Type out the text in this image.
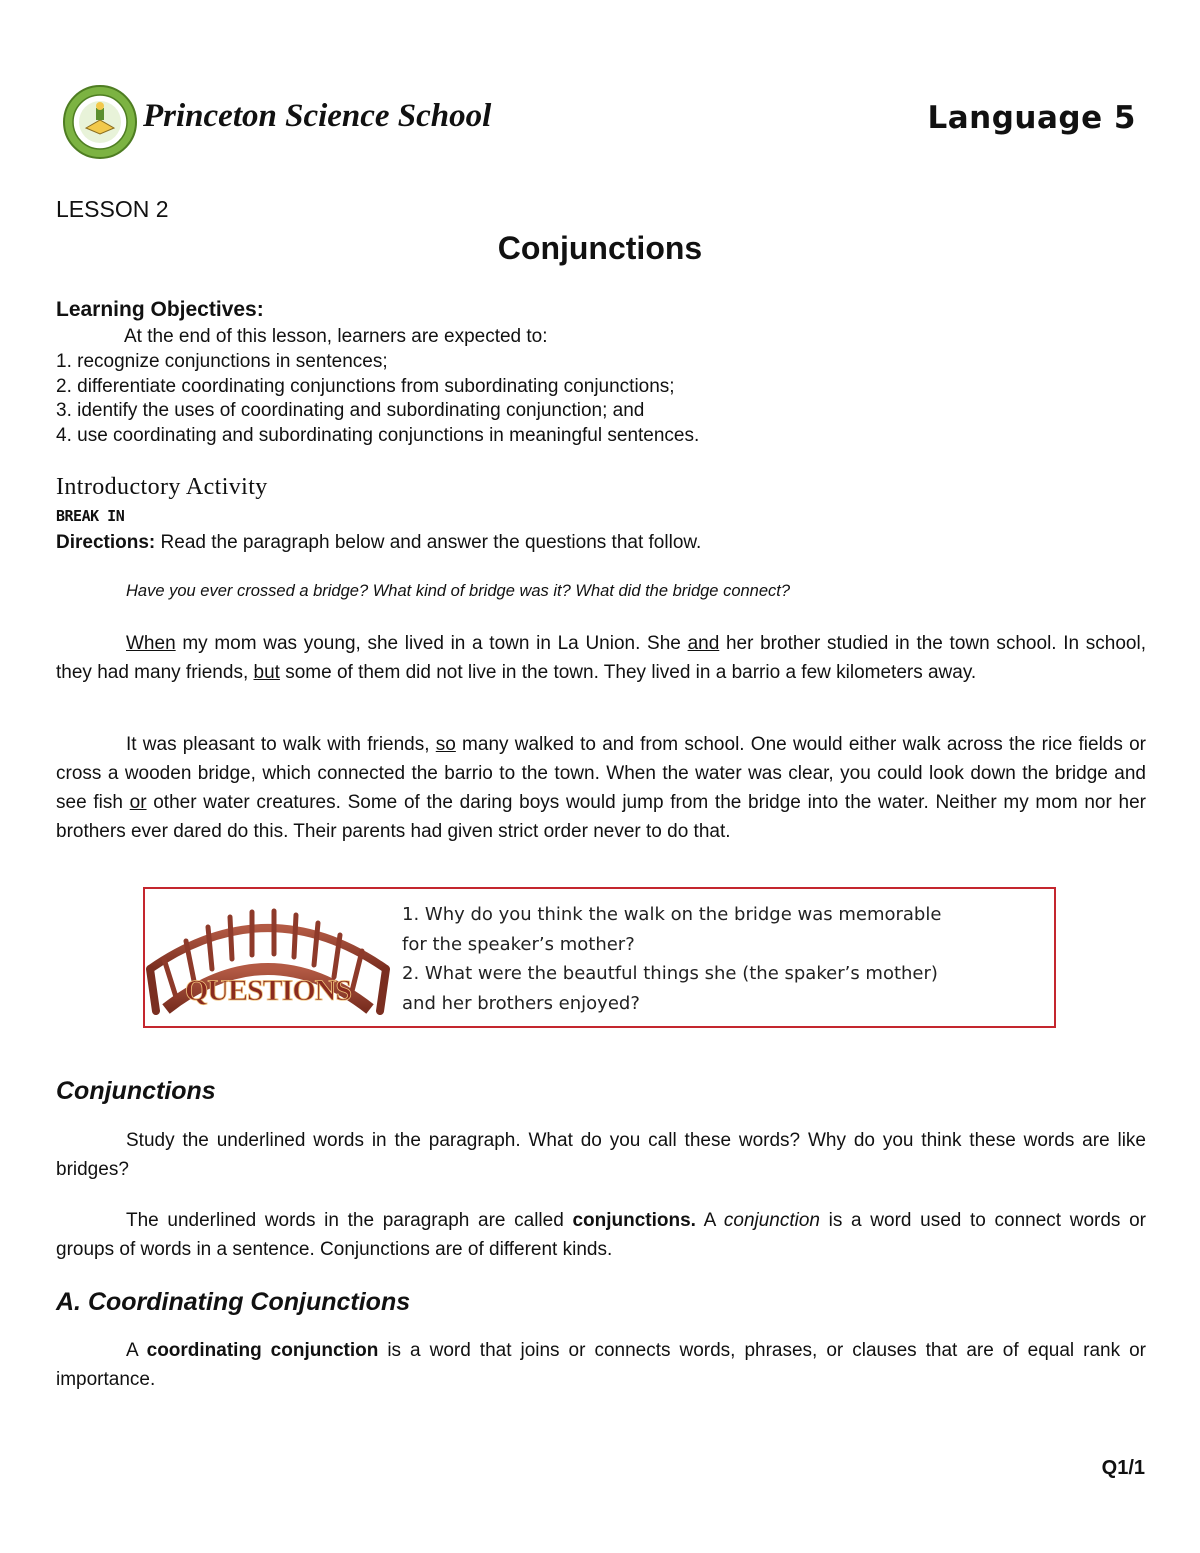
Princeton Science School	Language 5
LESSON 2
Conjunctions
Learning Objectives:
At the end of this lesson, learners are expected to:
1. recognize conjunctions in sentences;
2. differentiate coordinating conjunctions from subordinating conjunctions;
3. identify the uses of coordinating and subordinating conjunction; and
4. use coordinating and subordinating conjunctions in meaningful sentences.
Introductory Activity
BREAK IN
Directions: Read the paragraph below and answer the questions that follow.
Have you ever crossed a bridge? What kind of bridge was it? What did the bridge connect?

When my mom was young, she lived in a town in La Union. She and her brother studied in the town school. In school, they had many friends, but some of them did not live in the town. They lived in a barrio a few kilometers away.

It was pleasant to walk with friends, so many walked to and from school. One would either walk across the rice fields or cross a wooden bridge, which connected the barrio to the town. When the water was clear, you could look down the bridge and see fish or other water creatures. Some of the daring boys would jump from the bridge into the water. Neither my mom nor her brothers ever dared do this. Their parents had given strict order never to do that.

QUESTIONS
1. Why do you think the walk on the bridge was memorable
for the speaker’s mother?
2. What were the beautful things she (the spaker’s mother)
and her brothers enjoyed?
Conjunctions

Study the underlined words in the paragraph. What do you call these words? Why do you think these words are like bridges?

The underlined words in the paragraph are called conjunctions. A conjunction is a word used to connect words or groups of words in a sentence. Conjunctions are of different kinds.

A. Coordinating Conjunctions

A coordinating conjunction is a word that joins or connects words, phrases, or clauses that are of equal rank or importance.

Q1/1
